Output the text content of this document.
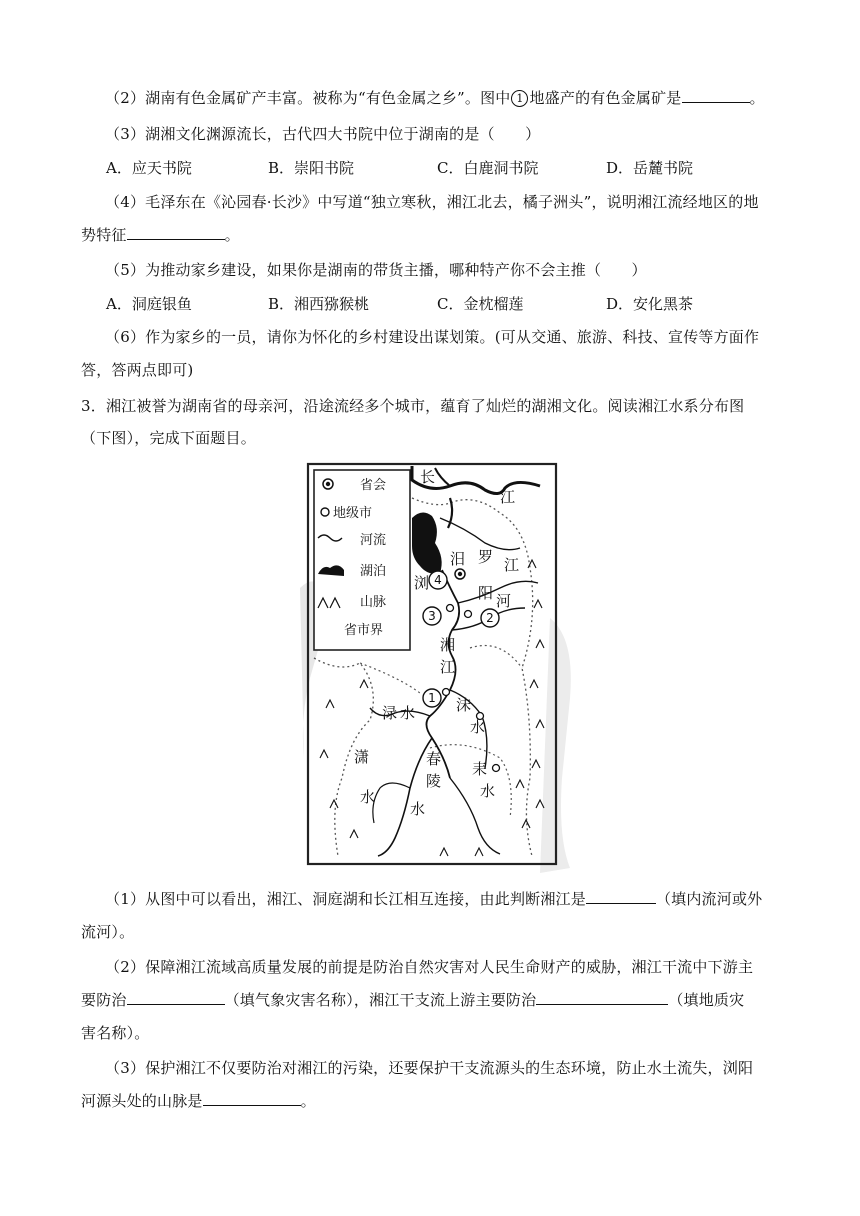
（2）湖南有色金属矿产丰富。被称为“有色金属之乡”。图中 1 地盛产的有色金属矿是	。
（3）湖湘文化渊源流长，古代四大书院中位于湖南的是（　　）
A．应天书院	B．崇阳书院	C．白鹿洞书院	D．岳麓书院
（4）毛泽东在《沁园春·长沙》中写道“独立寒秋，湘江北去，橘子洲头”，说明湘江流经地区的地
势特征	。
（5）为推动家乡建设，如果你是湖南的带货主播，哪种特产你不会主推（　　）
A．洞庭银鱼	B．湘西猕猴桃	C．金枕榴莲	D．安化黑茶
（6）作为家乡的一员，请你为怀化的乡村建设出谋划策。(可从交通、旅游、科技、宣传等方面作
答，答两点即可)
3．湘江被誉为湖南省的母亲河，沿途流经多个城市，蕴育了灿烂的湖湘文化。阅读湘江水系分布图
（下图），完成下面题目。
省会
地级市
河流
湖泊
山脉
省市界
长
江
汨 罗 江
浏
阳 河
湘
江
渌 水	沫
水
春
陵
水
潇
水
耒
水
4
3	2
1
（1）从图中可以看出，湘江、洞庭湖和长江相互连接，由此判断湘江是	（填内流河或外
流河）。
（2）保障湘江流域高质量发展的前提是防治自然灾害对人民生命财产的威胁，湘江干流中下游主
要防治	（填气象灾害名称），湘江干支流上游主要防治	（填地质灾
害名称）。
（3）保护湘江不仅要防治对湘江的污染，还要保护干支流源头的生态环境，防止水土流失，浏阳
河源头处的山脉是	。
